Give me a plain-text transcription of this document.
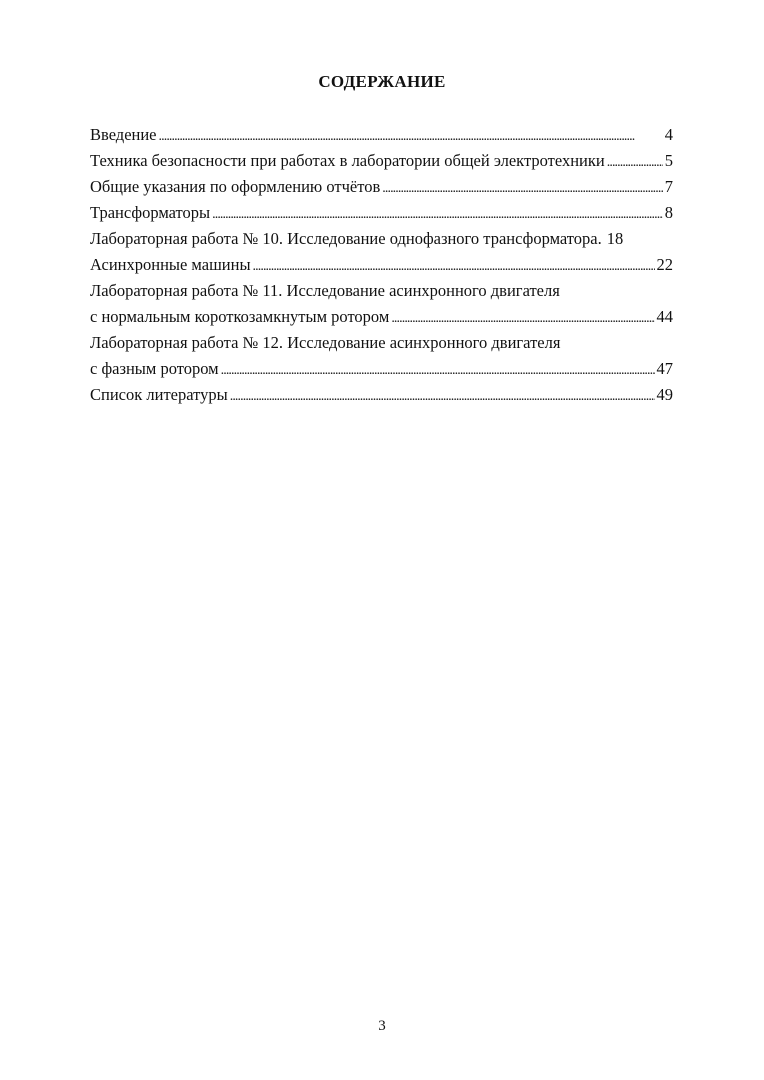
СОДЕРЖАНИЕ
Введение . . .	4
Техника безопасности при работах в лаборатории общей электротехники . . .	5
Общие указания по оформлению отчётов . . .	7
Трансформаторы . . .	8
Лабораторная работа № 10. Исследование однофазного трансформатора. 18
Асинхронные машины . . .	22
Лабораторная работа № 11. Исследование асинхронного двигателя
с нормальным короткозамкнутым ротором . . .	44
Лабораторная работа № 12. Исследование асинхронного двигателя
с фазным ротором . . .	47
Список литературы . . .	49
3
